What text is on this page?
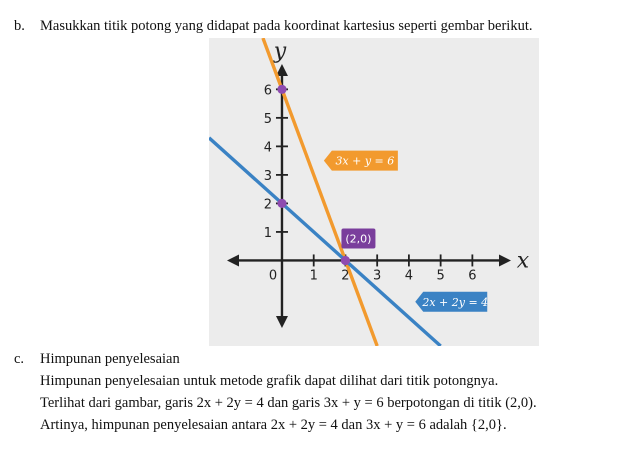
b. Masukkan titik potong yang didapat pada koordinat kartesius seperti gembar berikut.
0 1 2 3 4 5 6
1
2
3
4
5
6
x
y
3x + y = 6
2x + 2y = 4
(2,0)
c. Himpunan penyelesaian
Himpunan penyelesaian untuk metode grafik dapat dilihat dari titik potongnya.
Terlihat dari gambar, garis 2x + 2y = 4 dan garis 3x + y = 6 berpotongan di titik (2,0).
Artinya, himpunan penyelesaian antara 2x + 2y = 4 dan 3x + y = 6 adalah {2,0}.
